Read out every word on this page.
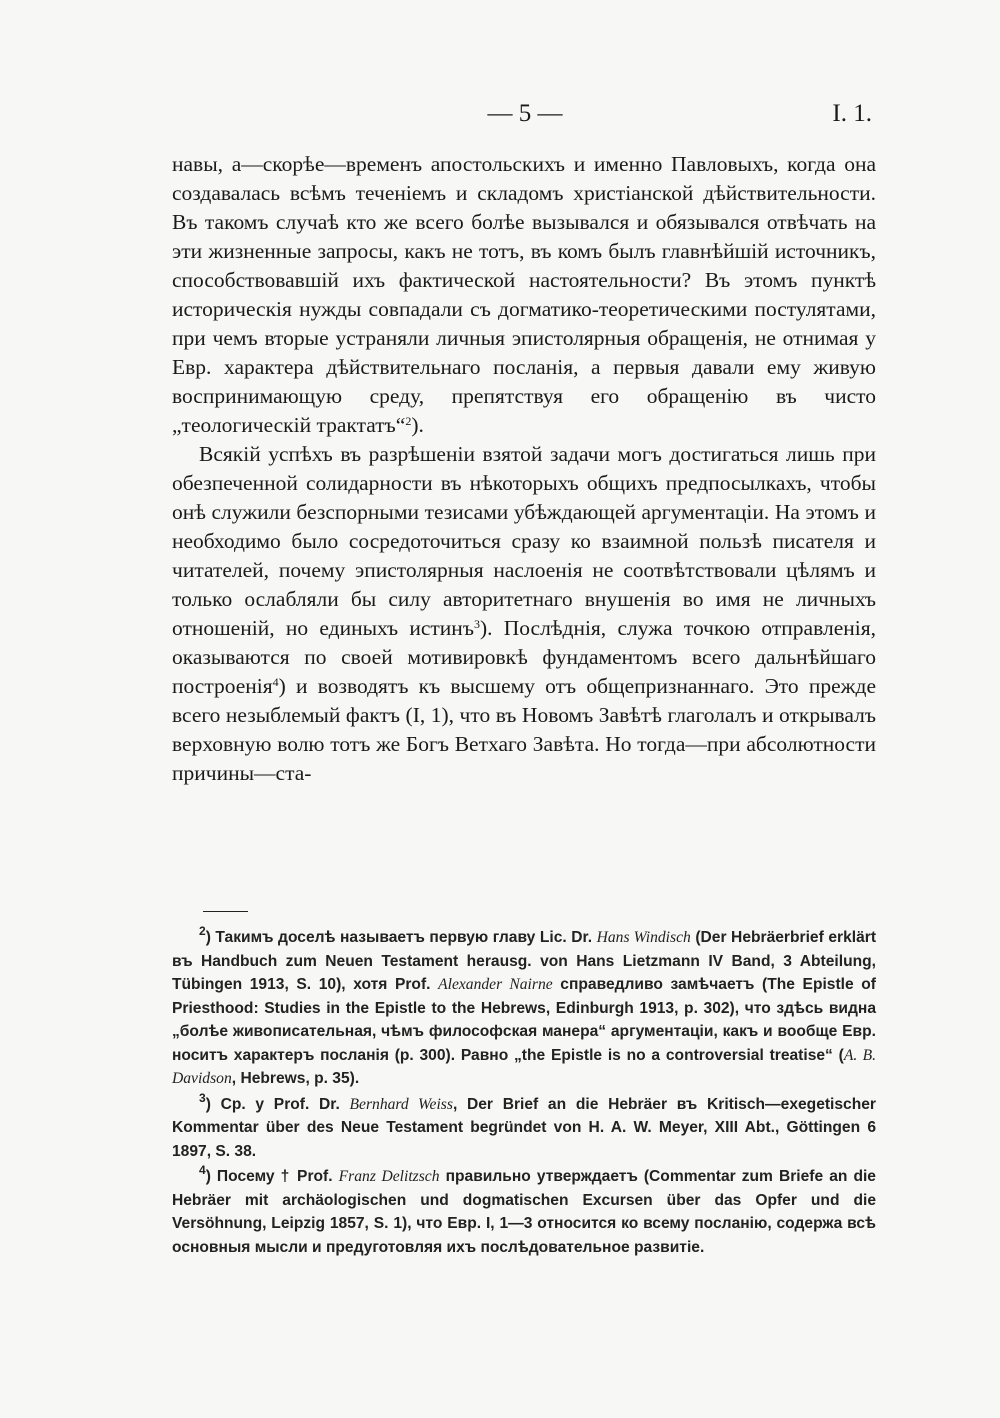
— 5 —	I. 1.

навы, а—скорѣе—временъ апостольскихъ и именно Павловыхъ, когда она создавалась всѣмъ теченіемъ и складомъ христіанской дѣйствительности. Въ такомъ случаѣ кто же всего болѣе вызывался и обязывался отвѣчать на эти жизненные запросы, какъ не тотъ, въ комъ былъ главнѣйшій источникъ, способствовавшій ихъ фактической настоятельности? Въ этомъ пунктѣ историческія нужды совпадали съ догматико-теоретическими постулятами, при чемъ вторые устраняли личныя эпистолярныя обращенія, не отнимая у Евр. характера дѣйствительнаго посланія, а первыя давали ему живую воспринимающую среду, препятствуя его обращенію въ чисто „теологическій трактатъ“$^2$).

Всякій успѣхъ въ разрѣшеніи взятой задачи могъ достигаться лишь при обезпеченной солидарности въ нѣкоторыхъ общихъ предпосылкахъ, чтобы онѣ служили безспорными тезисами убѣждающей аргументаціи. На этомъ и необходимо было сосредоточиться сразу ко взаимной пользѣ писателя и читателей, почему эпистолярныя наслоенія не соотвѣтствовали цѣлямъ и только ослабляли бы силу авторитетнаго внушенія во имя не личныхъ отношеній, но единыхъ истинъ$^3$). Послѣднія, служа точкою отправленія, оказываются по своей мотивировкѣ фундаментомъ всего дальнѣйшаго построенія$^4$) и возводятъ къ высшему отъ общепризнаннаго. Это прежде всего незыблемый фактъ (I, 1), что въ Новомъ Завѣтѣ глаголалъ и открывалъ верховную волю тотъ же Богъ Ветхаго Завѣта. Но тогда—при абсолютности причины—ста-

$^2$) Такимъ доселѣ называетъ первую главу Lic. Dr. Hans Windisch (Der Hebräerbrief erklärt въ Handbuch zum Neuen Testament herausg. von Hans Lietzmann IV Band, 3 Abteilung, Tübingen 1913, S. 10), хотя Prof. Alexander Nairne справедливо замѣчаетъ (The Epistle of Priesthood: Studies in the Epistle to the Hebrews, Edinburgh 1913, p. 302), что здѣсь видна „болѣе живописательная, чѣмъ философская манера“ аргументаціи, какъ и вообще Евр. носитъ характеръ посланія (p. 300). Равно „the Epistle is no a controversial treatise“ (A. B. Davidson, Hebrews, p. 35).

$^3$) Cp. у Prof. Dr. Bernhard Weiss, Der Brief an die Hebräer въ Kritisch—exegetischer Kommentar über des Neue Testament begründet von H. A. W. Meyer, XIII Abt., Göttingen 6 1897, S. 38.

$^4$) Посему † Prof. Franz Delitzsch правильно утверждаетъ (Commentar zum Briefe an die Hebräer mit archäologischen und dogmatischen Excursen über das Opfer und die Versöhnung, Leipzig 1857, S. 1), что Евр. I, 1—3 относится ко всему посланію, содержа всѣ основныя мысли и предуготовляя ихъ послѣдовательное развитіе.
